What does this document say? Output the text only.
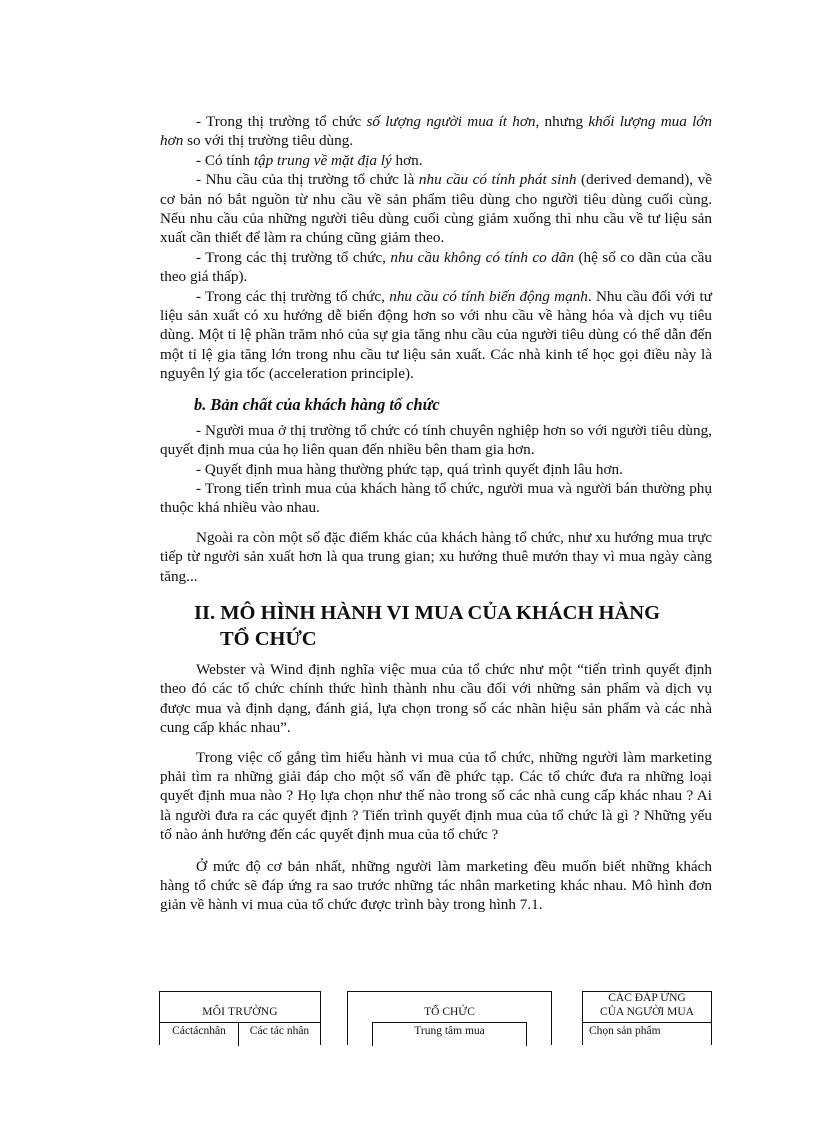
- Trong thị trường tổ chức số lượng người mua ít hơn, nhưng khối lượng mua lớn hơn so với thị trường tiêu dùng.

- Có tính tập trung về mặt địa lý hơn.

- Nhu cầu của thị trường tổ chức là nhu cầu có tính phát sinh (derived demand), về cơ bản nó bắt nguồn từ nhu cầu về sản phẩm tiêu dùng cho người tiêu dùng cuối cùng. Nếu nhu cầu của những người tiêu dùng cuối cùng giảm xuống thì nhu cầu về tư liệu sản xuất cần thiết để làm ra chúng cũng giảm theo.

- Trong các thị trường tổ chức, nhu cầu không có tính co dãn (hệ số co dãn của cầu theo giá thấp).

- Trong các thị trường tổ chức, nhu cầu có tính biến động mạnh. Nhu cầu đối với tư liệu sản xuất có xu hướng dễ biến động hơn so với nhu cầu về hàng hóa và dịch vụ tiêu dùng. Một tỉ lệ phần trăm nhỏ của sự gia tăng nhu cầu của người tiêu dùng có thể dẫn đến một tỉ lệ gia tăng lớn trong nhu cầu tư liệu sản xuất. Các nhà kinh tế học gọi điều này là nguyên lý gia tốc (acceleration principle).

b. Bản chất của khách hàng tổ chức

- Người mua ở thị trường tổ chức có tính chuyên nghiệp hơn so với người tiêu dùng, quyết định mua của họ liên quan đến nhiều bên tham gia hơn.

- Quyết định mua hàng thường phức tạp, quá trình quyết định lâu hơn.

- Trong tiến trình mua của khách hàng tổ chức, người mua và người bán thường phụ thuộc khá nhiều vào nhau.

Ngoài ra còn một số đặc điểm khác của khách hàng tổ chức, như xu hướng mua trực tiếp từ người sản xuất hơn là qua trung gian; xu hướng thuê mướn thay vì mua ngày càng tăng...

II. MÔ HÌNH HÀNH VI MUA CỦA KHÁCH HÀNG
TỔ CHỨC

Webster và Wind định nghĩa việc mua của tổ chức như một “tiến trình quyết định theo đó các tổ chức chính thức hình thành nhu cầu đối với những sản phẩm và dịch vụ được mua và định dạng, đánh giá, lựa chọn trong số các nhãn hiệu sản phẩm và các nhà cung cấp khác nhau”.

Trong việc cố gắng tìm hiểu hành vi mua của tổ chức, những người làm marketing phải tìm ra những giải đáp cho một số vấn đề phức tạp. Các tổ chức đưa ra những loại quyết định mua nào ? Họ lựa chọn như thế nào trong số các nhà cung cấp khác nhau ? Ai là người đưa ra các quyết định ? Tiến trình quyết định mua của tổ chức là gì ? Những yếu tố nào ảnh hưởng đến các quyết định mua của tổ chức ?

Ở mức độ cơ bản nhất, những người làm marketing đều muốn biết những khách hàng tổ chức sẽ đáp ứng ra sao trước những tác nhân marketing khác nhau. Mô hình đơn giản về hành vi mua của tổ chức được trình bày trong hình 7.1.

MÔI TRƯỜNG
Cáctácnhân	Các tác nhân
TỔ CHỨC
Trung tâm mua
CÁC ĐÁP ỨNG
CỦA NGƯỜI MUA
Chọn sản phẩm
